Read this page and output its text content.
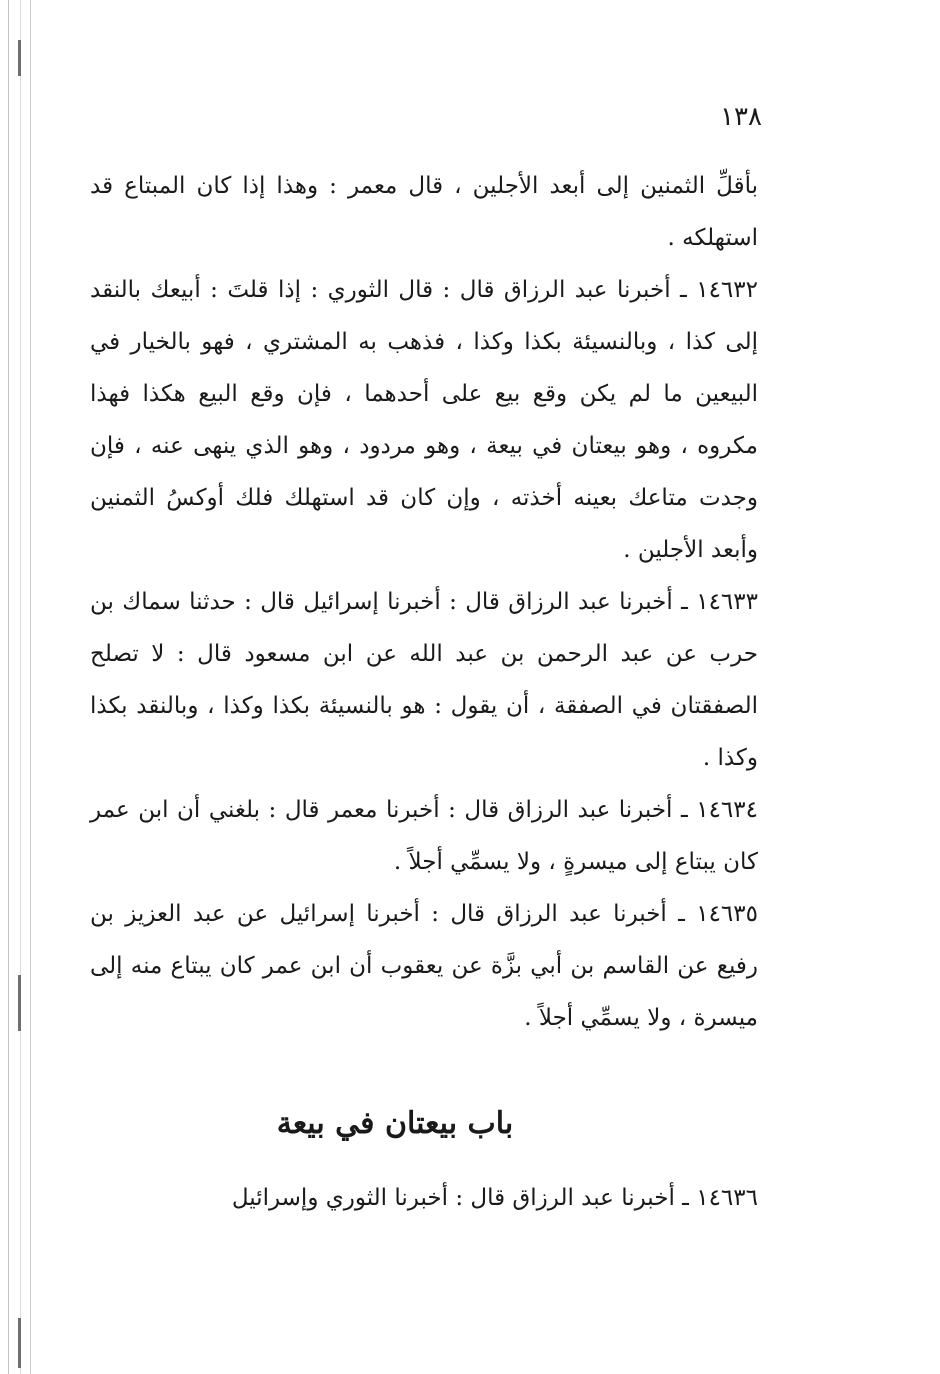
١٣٨

بأقلِّ الثمنين إلى أبعد الأجلين ، قال معمر : وهذا إذا كان المبتاع قد استهلكه .

١٤٦٣٢ ـ أخبرنا عبد الرزاق قال : قال الثوري : إذا قلتَ : أبيعك بالنقد إلى كذا ، وبالنسيئة بكذا وكذا ، فذهب به المشتري ، فهو بالخيار في البيعين ما لم يكن وقع بيع على أحدهما ، فإن وقع البيع هكذا فهذا مكروه ، وهو بيعتان في بيعة ، وهو مردود ، وهو الذي ينهى عنه ، فإن وجدت متاعك بعينه أخذته ، وإن كان قد استهلك فلك أوكسُ الثمنين وأبعد الأجلين .

١٤٦٣٣ ـ أخبرنا عبد الرزاق قال : أخبرنا إسرائيل قال : حدثنا سماك بن حرب عن عبد الرحمن بن عبد الله عن ابن مسعود قال : لا تصلح الصفقتان في الصفقة ، أن يقول : هو بالنسيئة بكذا وكذا ، وبالنقد بكذا وكذا .

١٤٦٣٤ ـ أخبرنا عبد الرزاق قال : أخبرنا معمر قال : بلغني أن ابن عمر كان يبتاع إلى ميسرةٍ ، ولا يسمِّي أجلاً .

١٤٦٣٥ ـ أخبرنا عبد الرزاق قال : أخبرنا إسرائيل عن عبد العزيز بن رفيع عن القاسم بن أبي بزَّة عن يعقوب أن ابن عمر كان يبتاع منه إلى ميسرة ، ولا يسمِّي أجلاً .

باب بيعتان في بيعة

١٤٦٣٦ ـ أخبرنا عبد الرزاق قال : أخبرنا الثوري وإسرائيل
